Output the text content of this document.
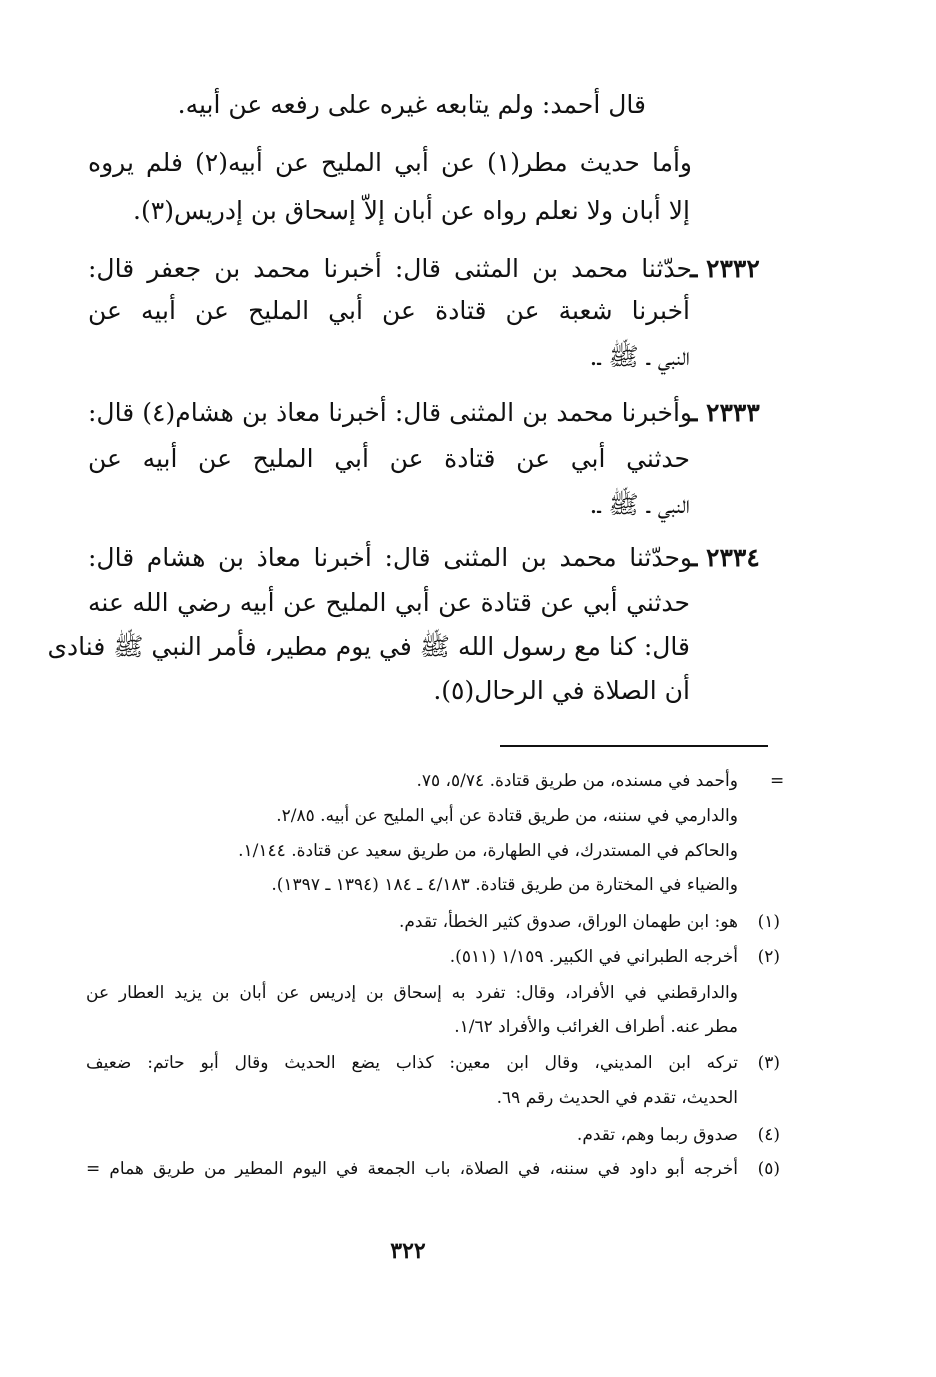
قال أحمد: ولم يتابعه غيره على رفعه عن أبيه.
وأما حديث مطر(١) عن أبي المليح عن أبيه(٢) فلم يروه
إلا أبان ولا نعلم رواه عن أبان إلاّ إسحاق بن إدريس(٣).
٢٣٣٢ ـ
حدّثنا محمد بن المثنى قال: أخبرنا محمد بن جعفر قال:
أخبرنا شعبة عن قتادة عن أبي المليح عن أبيه عن
النبي ـ ﷺ ـ.
٢٣٣٣ ـ
وأخبرنا محمد بن المثنى قال: أخبرنا معاذ بن هشام(٤) قال:
حدثني أبي عن قتادة عن أبي المليح عن أبيه عن
النبي ـ ﷺ ـ.
٢٣٣٤ ـ
وحدّثنا محمد بن المثنى قال: أخبرنا معاذ بن هشام قال:
حدثني أبي عن قتادة عن أبي المليح عن أبيه رضي الله عنه
قال: كنا مع رسول الله ﷺ في يوم مطير، فأمر النبي ﷺ فنادى
أن الصلاة في الرحال(٥).
=
وأحمد في مسنده، من طريق قتادة. ٥/٧٤، ٧٥.
والدارمي في سننه، من طريق قتادة عن أبي المليح عن أبيه. ٢/٨٥.
والحاكم في المستدرك، في الطهارة، من طريق سعيد عن قتادة. ١/١٤٤.
والضياء في المختارة من طريق قتادة. ٤/١٨٣ ـ ١٨٤ (١٣٩٤ ـ ١٣٩٧).
(١)
هو: ابن طهمان الوراق، صدوق كثير الخطأ، تقدم.
(٢)
أخرجه الطبراني في الكبير. ١/١٥٩ (٥١١).
والدارقطني في الأفراد، وقال: تفرد به إسحاق بن إدريس عن أبان بن يزيد العطار عن
مطر عنه. أطراف الغرائب والأفراد ١/٦٢.
(٣)
تركه ابن المديني، وقال ابن معين: كذاب يضع الحديث وقال أبو حاتم: ضعيف
الحديث، تقدم في الحديث رقم ٦٩.
(٤)
صدوق ربما وهم، تقدم.
(٥)
أخرجه أبو داود في سننه، في الصلاة، باب الجمعة في اليوم المطير من طريق همام =
٣٢٢
